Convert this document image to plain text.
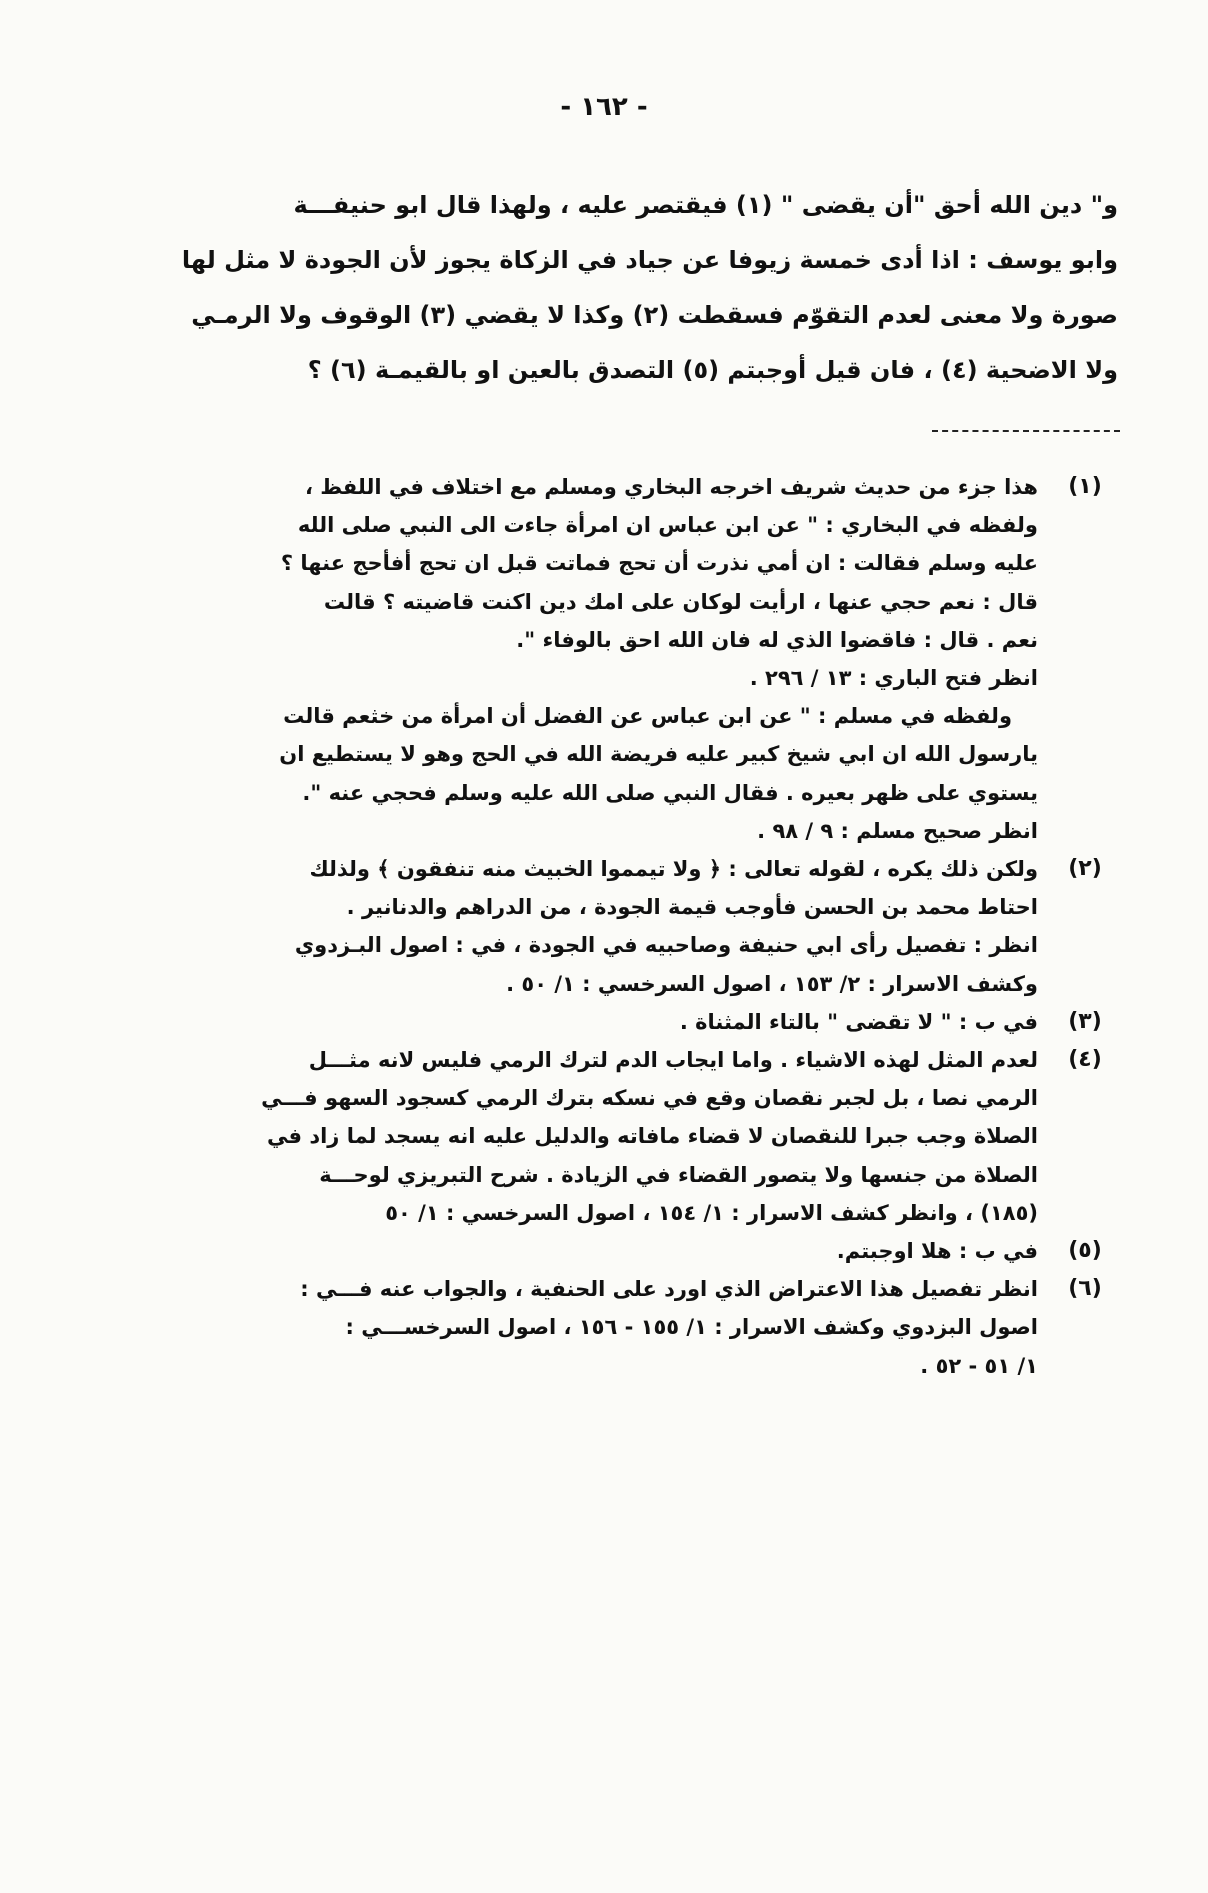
- ١٦٢ -
و" دين الله أحق "أن يقضى " (١) فيقتصر عليه ، ولهذا قال ابو حنيفـــة
وابو يوسف : اذا أدى خمسة زيوفا عن جياد في الزكاة يجوز لأن الجودة لا مثل لها
صورة ولا معنى لعدم التقوّم فسقطت (٢) وكذا لا يقضي (٣) الوقوف ولا الرمـي
ولا الاضحية (٤) ، فان قيل أوجبتم (٥) التصدق بالعين او بالقيمـة (٦) ؟
(١)
هذا جزء من حديث شريف اخرجه البخاري ومسلم مع اختلاف في اللفظ ،
ولفظه في البخاري : " عن ابن عباس ان امرأة جاءت الى النبي صلى الله
عليه وسلم فقالت : ان أمي نذرت أن تحج فماتت قبل ان تحج أفأحج عنها ؟
قال : نعم حجي عنها ، ارأيت لوكان على امك دين اكنت قاضيته ؟ قالت
نعم . قال : فاقضوا الذي له فان الله احق بالوفاء ".
انظر فتح الباري : ١٣ / ٢٩٦ .
ولفظه في مسلم : " عن ابن عباس عن الفضل أن امرأة من خثعم قالت
يارسول الله ان ابي شيخ كبير عليه فريضة الله في الحج وهو لا يستطيع ان
يستوي على ظهر بعيره . فقال النبي صلى الله عليه وسلم فحجي عنه ".
انظر صحيح مسلم : ٩ / ٩٨ .
(٢)
ولكن ذلك يكره ، لقوله تعالى : ﴿ ولا تيمموا الخبيث منه تنفقون ﴾ ولذلك
احتاط محمد بن الحسن فأوجب قيمة الجودة ، من الدراهم والدنانير .
انظر : تفصيل رأى ابي حنيفة وصاحبيه في الجودة ، في : اصول البـزدوي
وكشف الاسرار : ٢/ ١٥٣ ، اصول السرخسي : ١/ ٥٠ .
(٣)
في ب : " لا تقضى " بالتاء المثناة .
(٤)
لعدم المثل لهذه الاشياء . واما ايجاب الدم لترك الرمي فليس لانه مثـــل
الرمي نصا ، بل لجبر نقصان وقع في نسكه بترك الرمي كسجود السهو فـــي
الصلاة وجب جبرا للنقصان لا قضاء مافاته والدليل عليه انه يسجد لما زاد في
الصلاة من جنسها ولا يتصور القضاء في الزيادة . شرح التبريزي لوحـــة
(١٨٥) ، وانظر كشف الاسرار : ١/ ١٥٤ ، اصول السرخسي : ١/ ٥٠
(٥)
في ب : هلا اوجبتم.
(٦)
انظر تفصيل هذا الاعتراض الذي اورد على الحنفية ، والجواب عنه فـــي :
اصول البزدوي وكشف الاسرار : ١/ ١٥٥ - ١٥٦ ، اصول السرخســـي :
١/ ٥١ - ٥٢ .
